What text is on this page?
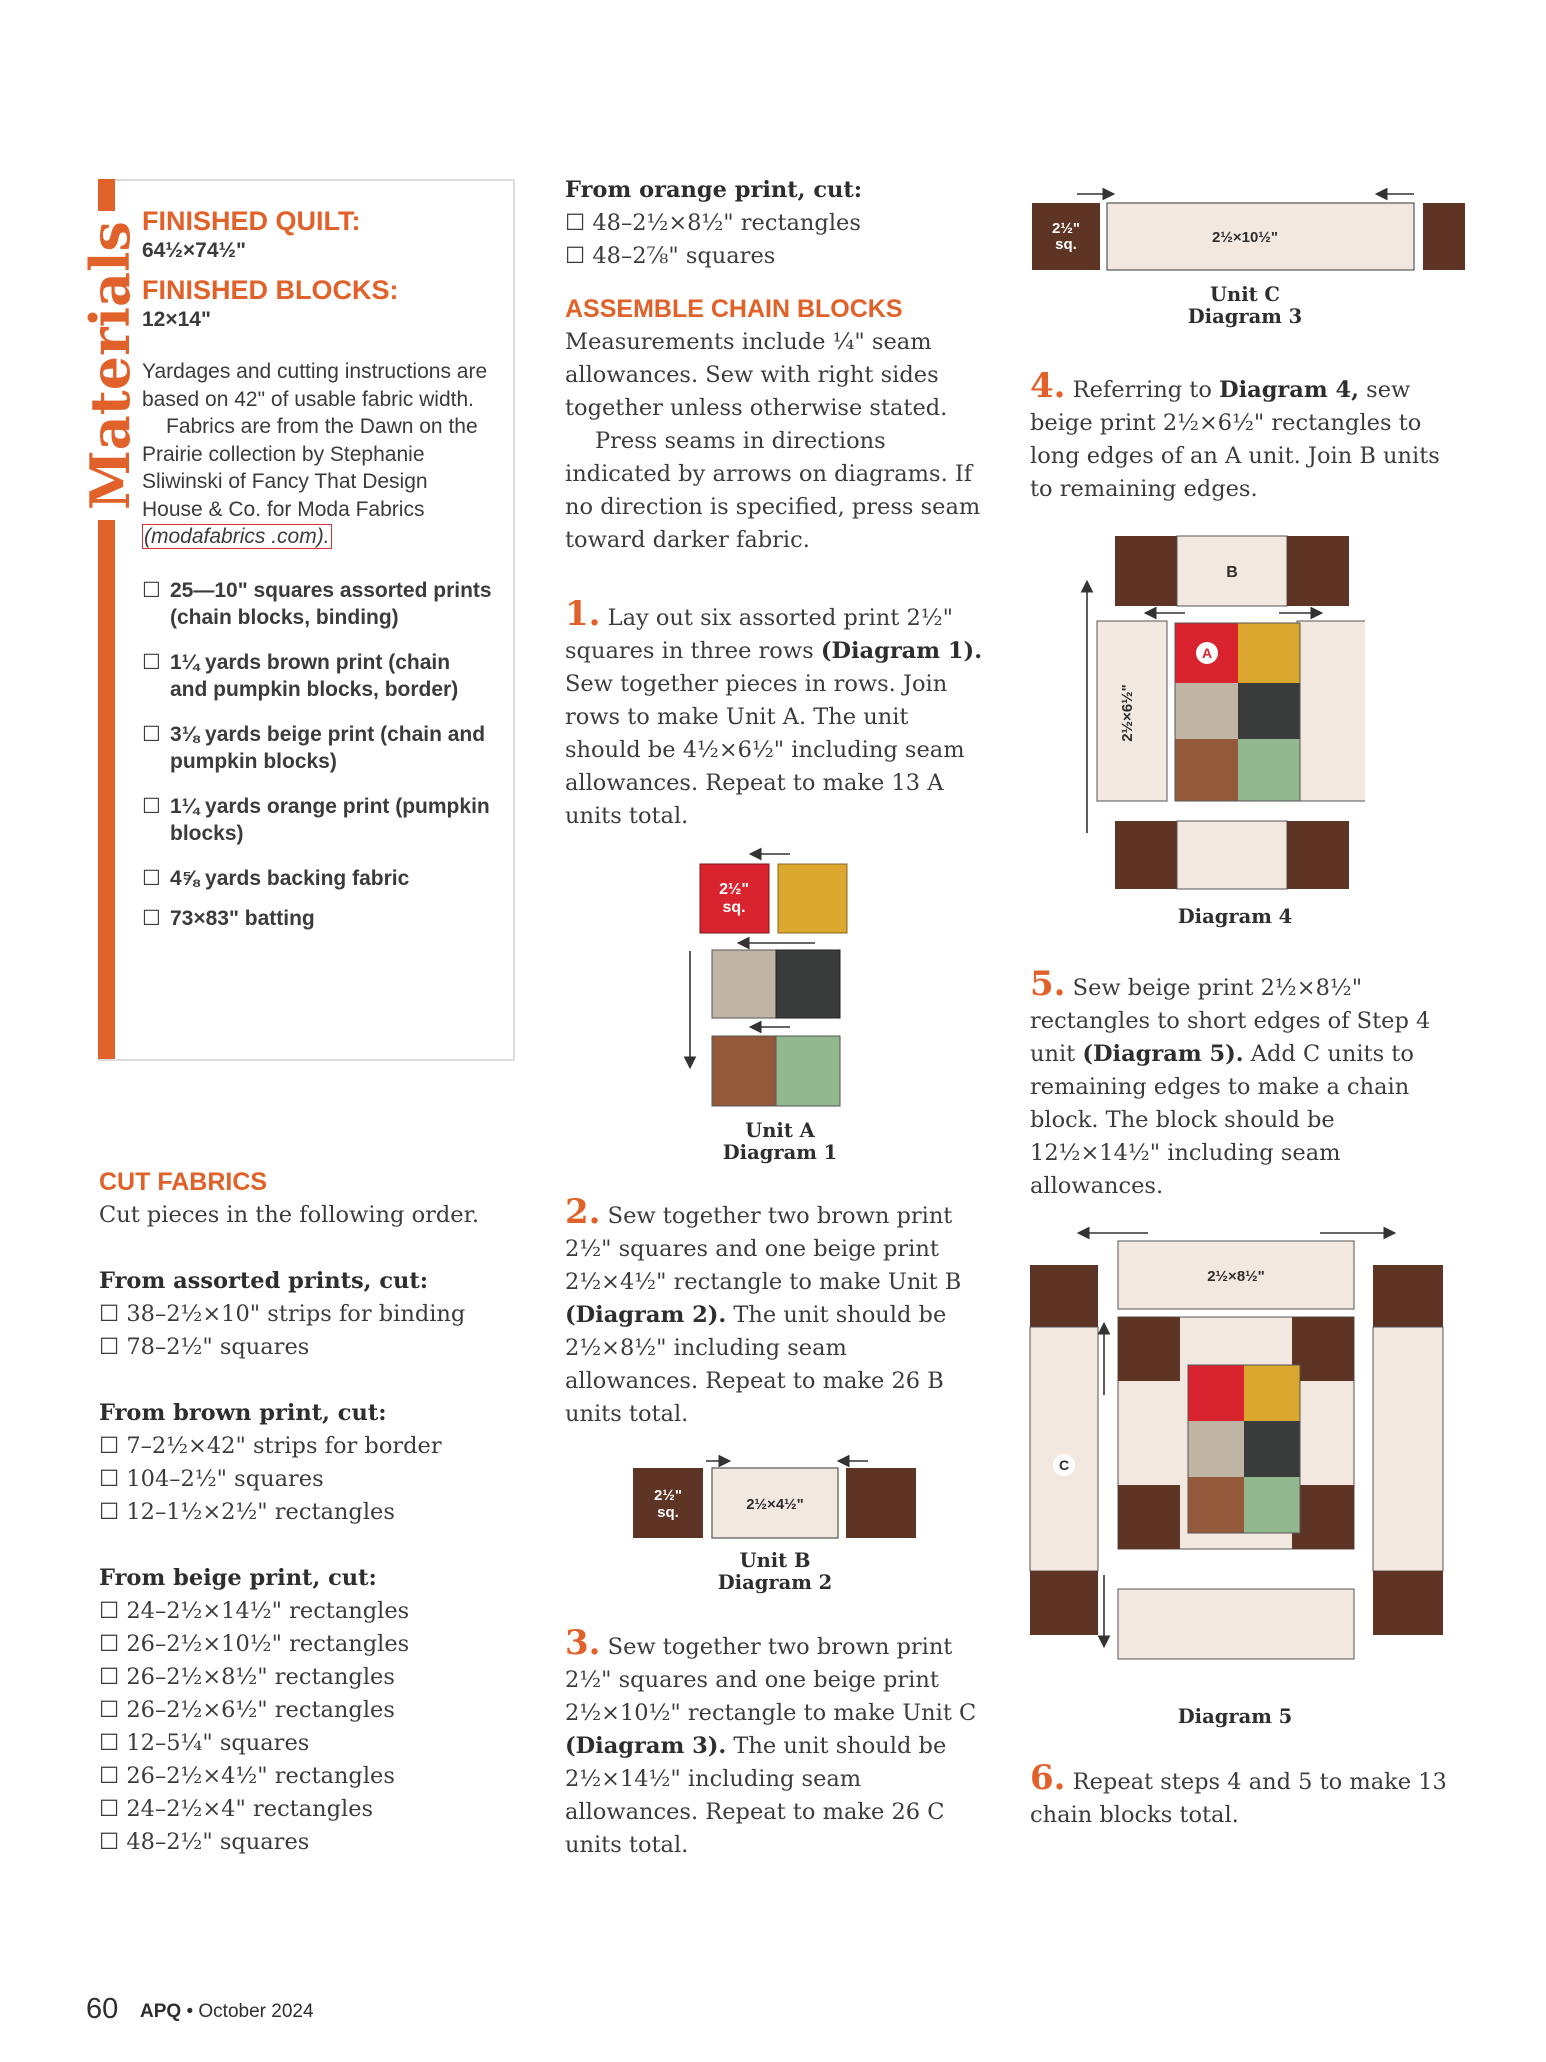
Materials
FINISHED QUILT:
64½×74½"
FINISHED BLOCKS:
12×14"
Yardages and cutting instructions are based on 42" of usable fabric width.
Fabrics are from the Dawn on the Prairie collection by Stephanie Sliwinski of Fancy That Design House & Co. for Moda Fabrics (modafabrics .com).
☐ 25—10" squares assorted prints (chain blocks, binding)
☐ 1¼ yards brown print (chain and pumpkin blocks, border)
☐ 3⅛ yards beige print (chain and pumpkin blocks)
☐ 1¼ yards orange print (pumpkin blocks)
☐ 4⅝ yards backing fabric
☐ 73×83" batting
CUT FABRICS

Cut pieces in the following order.

From assorted prints, cut:

☐ 38–2½×10" strips for binding

☐ 78–2½" squares

From brown print, cut:

☐ 7–2½×42" strips for border

☐ 104–2½" squares

☐ 12–1½×2½" rectangles

From beige print, cut:

☐ 24–2½×14½" rectangles

☐ 26–2½×10½" rectangles

☐ 26–2½×8½" rectangles

☐ 26–2½×6½" rectangles

☐ 12–5¼" squares

☐ 26–2½×4½" rectangles

☐ 24–2½×4" rectangles

☐ 48–2½" squares

From orange print, cut:

☐ 48–2½×8½" rectangles

☐ 48–2⅞" squares

ASSEMBLE CHAIN BLOCKS

Measurements include ¼" seam allowances. Sew with right sides together unless otherwise stated.

Press seams in directions indicated by arrows on diagrams. If no direction is specified, press seam toward darker fabric.

1. Lay out six assorted print 2½" squares in three rows (Diagram 1). Sew together pieces in rows. Join rows to make Unit A. The unit should be 4½×6½" including seam allowances. Repeat to make 13 A units total.

2½"
sq.
Unit A
Diagram 1

2. Sew together two brown print 2½" squares and one beige print 2½×4½" rectangle to make Unit B (Diagram 2). The unit should be 2½×8½" including seam allowances. Repeat to make 26 B units total.

2½"
sq.	2½×4½"
Unit B
Diagram 2

3. Sew together two brown print 2½" squares and one beige print 2½×10½" rectangle to make Unit C (Diagram 3). The unit should be 2½×14½" including seam allowances. Repeat to make 26 C units total.

2½"
sq.	2½×10½"
Unit C
Diagram 3

4. Referring to Diagram 4, sew beige print 2½×6½" rectangles to long edges of an A unit. Join B units to remaining edges.

B
2½×6½"
A
Diagram 4

5. Sew beige print 2½×8½" rectangles to short edges of Step 4 unit (Diagram 5). Add C units to remaining edges to make a chain block. The block should be 12½×14½" including seam allowances.

2½×8½"
C
Diagram 5

6. Repeat steps 4 and 5 to make 13 chain blocks total.

60 APQ • October 2024
